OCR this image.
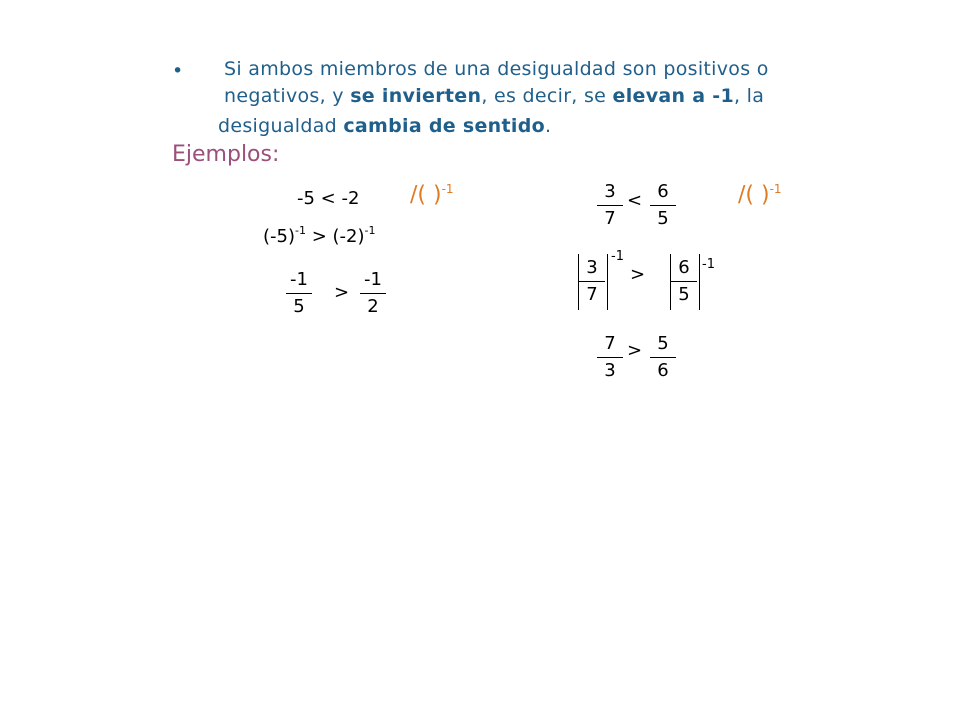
• Si ambos miembros de una desigualdad son positivos o
negativos, y se invierten, es decir, se elevan a -1, la
desigualdad cambia de sentido.
Ejemplos:
-5 < -2 /( )$^{-1}$
$(-5)^{-1} > (-2)^{-1}$
-1
5
>
-1
2
3
7
< 6
5
/( )$^{-1}$
3
7
-1
>	6
5
-1
7
3
> 5
6
